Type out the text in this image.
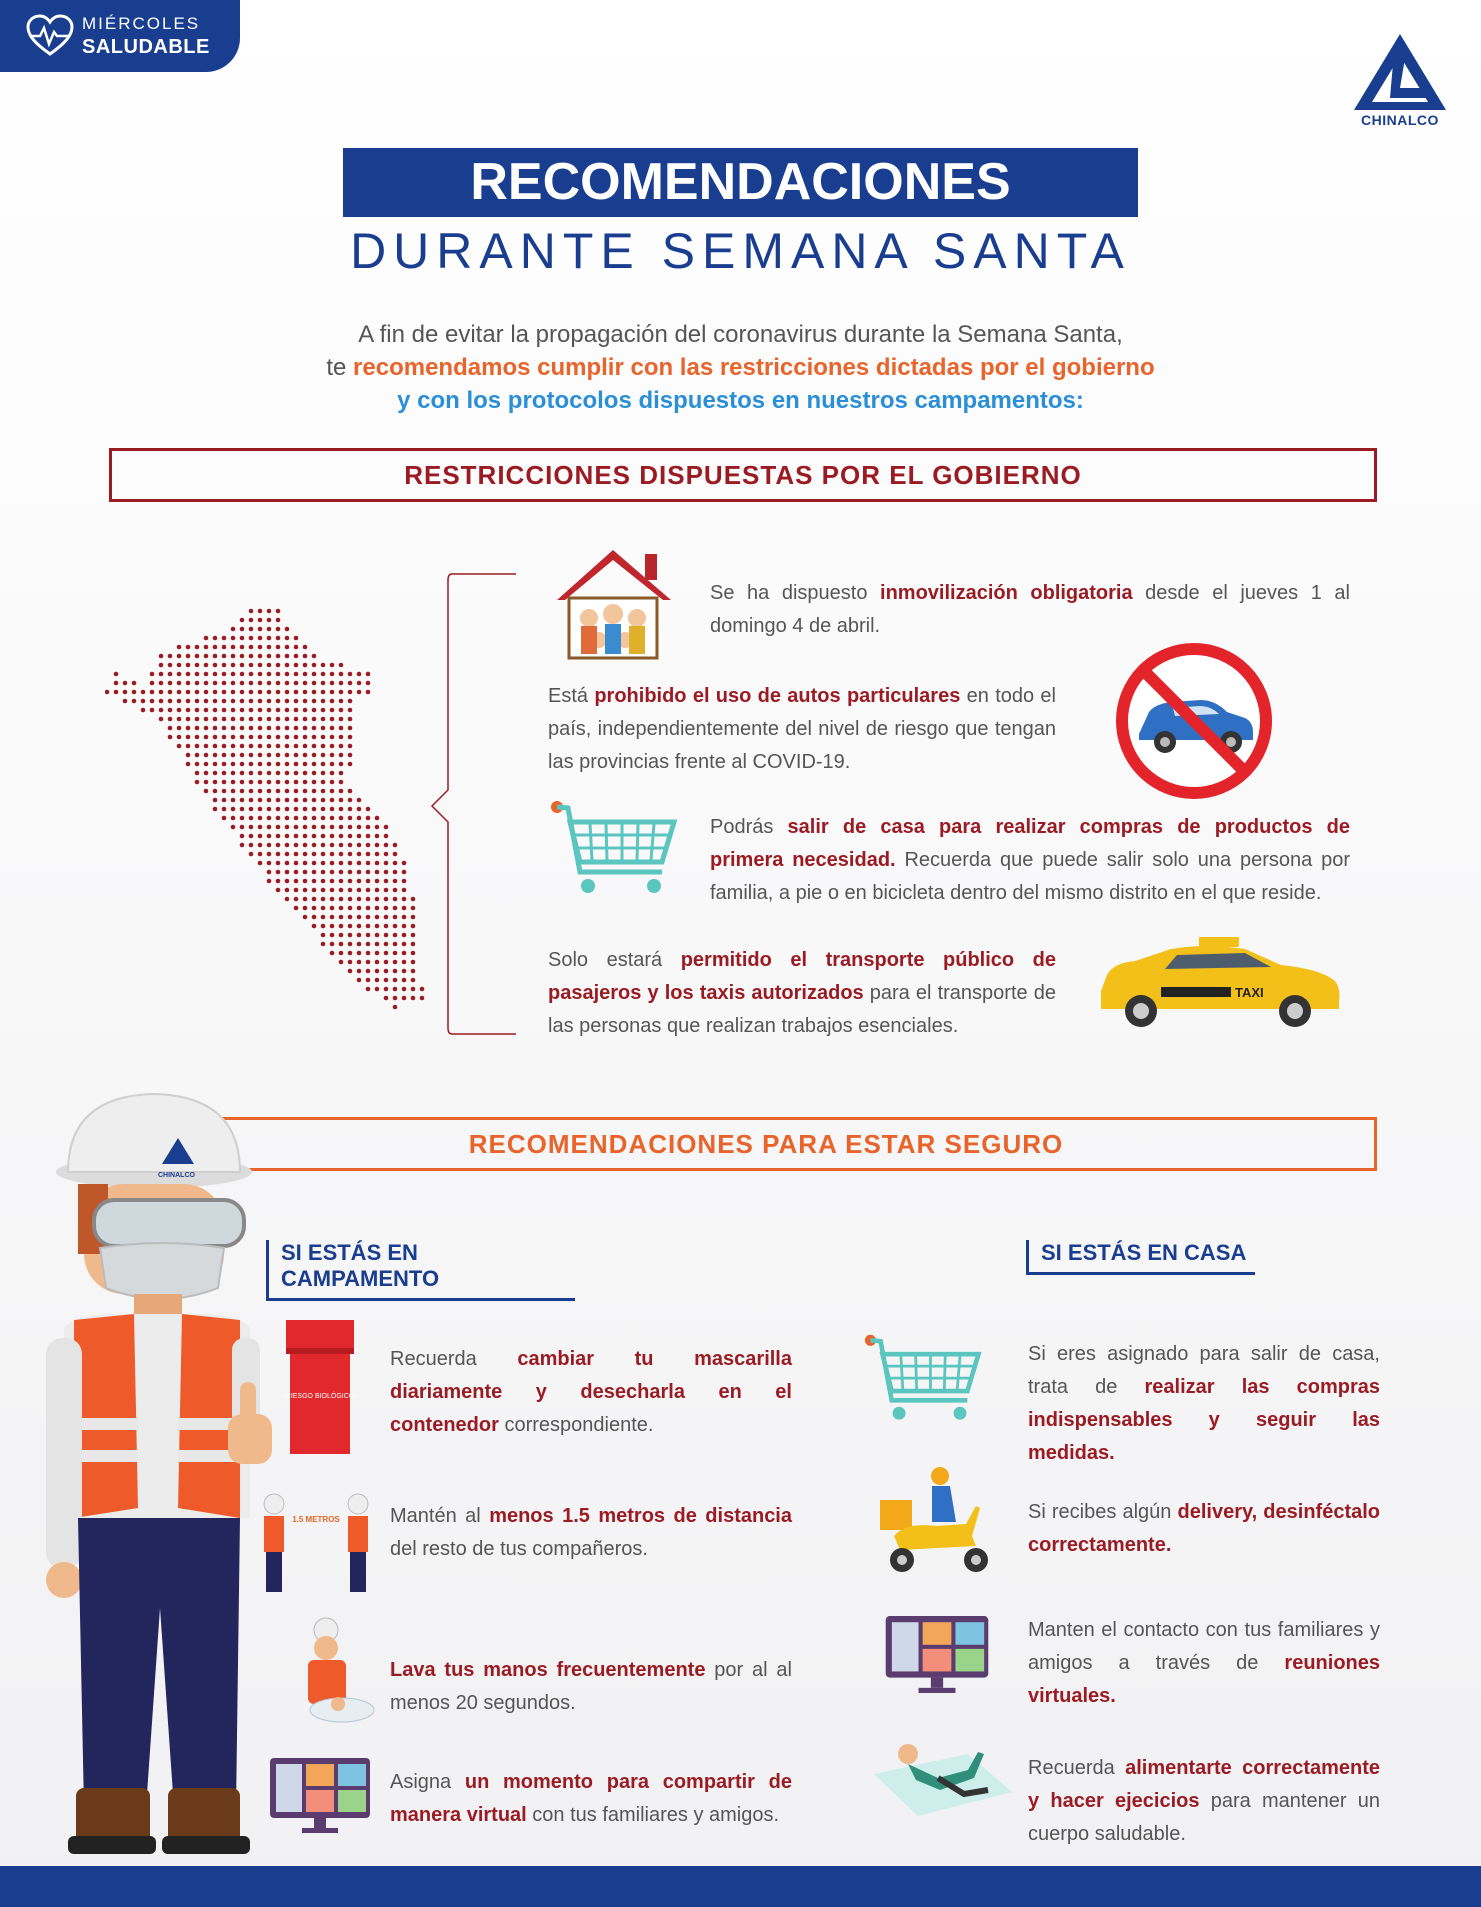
MIÉRCOLES
SALUDABLE
CHINALCO
RECOMENDACIONES
DURANTE SEMANA SANTA
A fin de evitar la propagación del coronavirus durante la Semana Santa,
te recomendamos cumplir con las restricciones dictadas por el gobierno
y con los protocolos dispuestos en nuestros campamentos:
RESTRICCIONES DISPUESTAS POR EL GOBIERNO
Se ha dispuesto inmovilización obligatoria desde el jueves 1 al domingo 4 de abril.
Está prohibido el uso de autos particulares en todo el país, independientemente del nivel de riesgo que tengan las provincias frente al COVID-19.
Podrás salir de casa para realizar compras de productos de primera necesidad. Recuerda que puede salir solo una persona por familia, a pie o en bicicleta dentro del mismo distrito en el que reside.
Solo estará permitido el transporte público de pasajeros y los taxis autorizados para el transporte de las personas que realizan trabajos esenciales.
TAXI
RECOMENDACIONES PARA ESTAR SEGURO
CHINALCO
SI ESTÁS EN CAMPAMENTO
RIESGO BIOLÓGICO
Recuerda cambiar tu mascarilla diariamente y desecharla en el contenedor correspondiente.
1.5 METROS	Mantén al menos 1.5 metros de distancia del resto de tus compañeros.
Lava tus manos frecuentemente por al al menos 20 segundos.
Asigna un momento para compartir de manera virtual con tus familiares y amigos.
SI ESTÁS EN CASA
Si eres asignado para salir de casa, trata de realizar las compras indispensables y seguir las medidas.
Si recibes algún delivery, desinféctalo correctamente.
Manten el contacto con tus familiares y amigos a través de reuniones virtuales.
Recuerda alimentarte correctamente y hacer ejecicios para mantener un cuerpo saludable.
